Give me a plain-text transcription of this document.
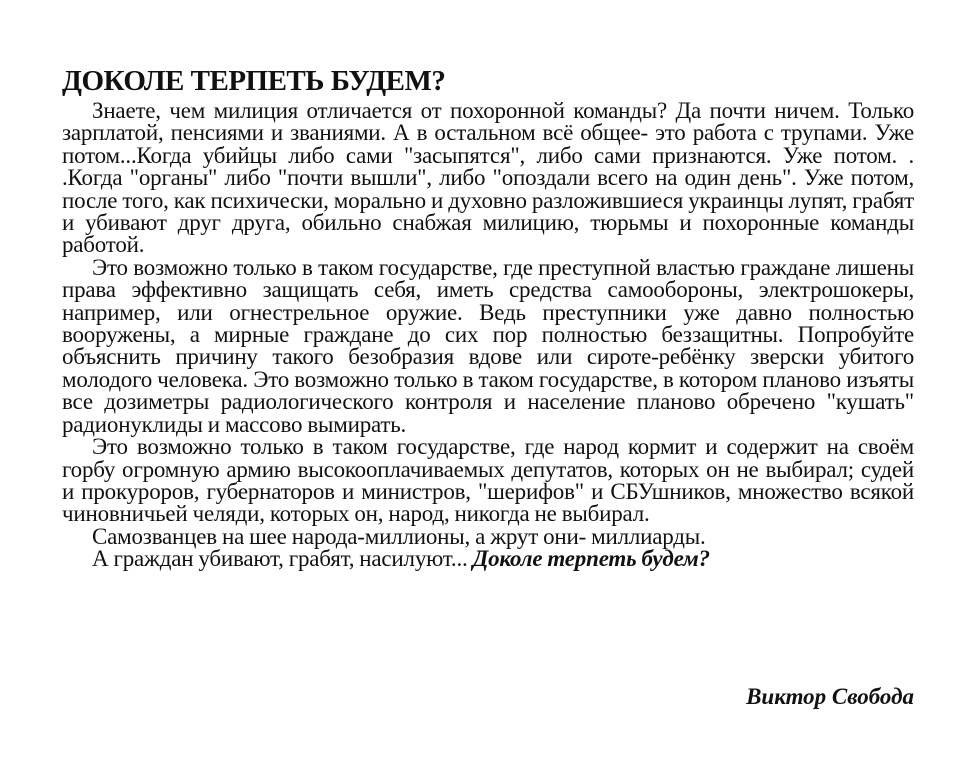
ДОКОЛЕ ТЕРПЕТЬ БУДЕМ?

Знаете, чем милиция отличается от похоронной команды? Да почти ничем. Только зарплатой, пенсиями и званиями. А в остальном всё общее- это работа с трупами. Уже потом...Когда убийцы либо сами "засыпятся", либо сами признаются. Уже потом. . .Когда "органы" либо "почти вышли", либо "опоздали всего на один день". Уже потом, после того, как психически, морально и духовно разложившиеся украинцы лупят, грабят и убивают друг друга, обильно снабжая милицию, тюрьмы и похоронные команды работой.

Это возможно только в таком государстве, где преступной властью граждане лишены права эффективно защищать себя, иметь средства самообороны, электрошокеры, например, или огнестрельное оружие. Ведь преступники уже давно полностью вооружены, а мирные граждане до сих пор полностью беззащитны. Попробуйте объяснить причину такого безобразия вдове или сироте-ребёнку зверски убитого молодого человека. Это возможно только в таком государстве, в котором планово изъяты все дозиметры радиологического контроля и население планово обречено "кушать" радионуклиды и массово вымирать.

Это возможно только в таком государстве, где народ кормит и содержит на своём горбу огромную армию высокооплачиваемых депутатов, которых он не выбирал; судей и прокуроров, губернаторов и министров, "шерифов" и СБУшников, множество всякой чиновничьей челяди, которых он, народ, никогда не выбирал.

Самозванцев на шее народа-миллионы, а жрут они- миллиарды.

А граждан убивают, грабят, насилуют... Доколе терпеть будем?

Виктор Свобода
